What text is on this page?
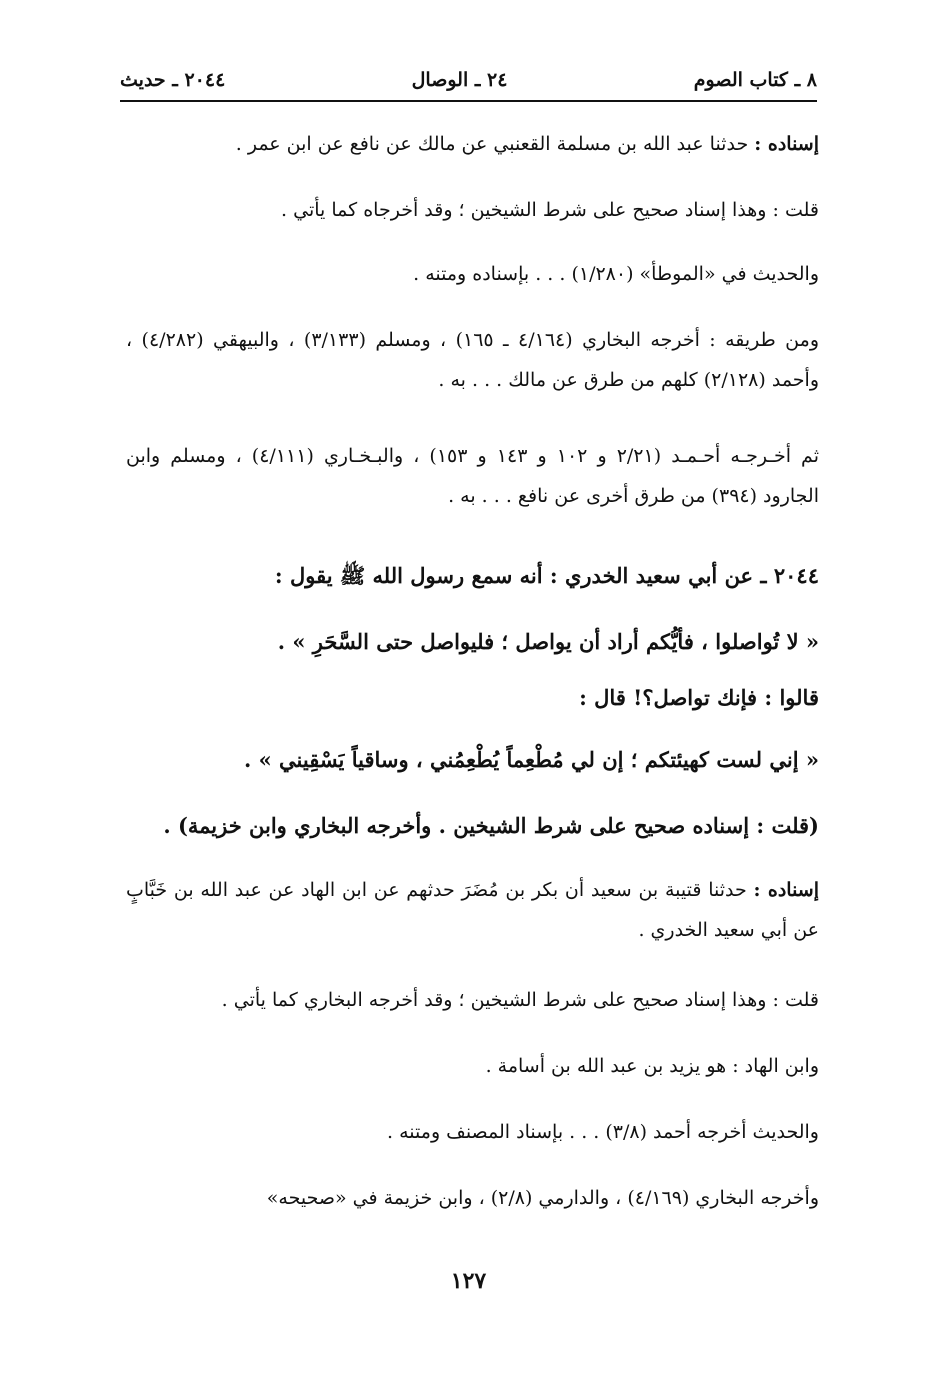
٨ ـ كتاب الصوم
٢٤ ـ الوصال
٢٠٤٤ ـ حديث

إسناده : حدثنا عبد الله بن مسلمة القعنبي عن مالك عن نافع عن ابن عمر .

قلت : وهذا إسناد صحيح على شرط الشيخين ؛ وقد أخرجاه كما يأتي .

والحديث في «الموطأ» (١/٢٨٠) . . . بإسناده ومتنه .

ومن طريقه : أخرجه البخاري (٤/١٦٤ ـ ١٦٥) ، ومسلم (٣/١٣٣) ، والبيهقي (٤/٢٨٢) ، وأحمد (٢/١٢٨) كلهم من طرق عن مالك . . . به .

ثم أخـرجـه أحـمـد (٢/٢١ و ١٠٢ و ١٤٣ و ١٥٣) ، والبـخـاري (٤/١١١) ، ومسلم وابن الجارود (٣٩٤) من طرق أخرى عن نافع . . . به .

٢٠٤٤ ـ عن أبي سعيد الخدري : أنه سمع رسول الله ﷺ يقول :

« لا تُواصلوا ، فأيُّكم أراد أن يواصل ؛ فليواصل حتى السَّحَرِ » .

قالوا : فإنك تواصل؟! قال :

« إني لست كهيئتكم ؛ إن لي مُطْعِماً يُطْعِمُني ، وساقياً يَسْقِيني » .

(قلت : إسناده صحيح على شرط الشيخين . وأخرجه البخاري وابن خزيمة) .

إسناده : حدثنا قتيبة بن سعيد أن بكر بن مُضَرَ حدثهم عن ابن الهاد عن عبد الله بن خَبَّابٍ عن أبي سعيد الخدري .

قلت : وهذا إسناد صحيح على شرط الشيخين ؛ وقد أخرجه البخاري كما يأتي .

وابن الهاد : هو يزيد بن عبد الله بن أسامة .

والحديث أخرجه أحمد (٣/٨) . . . بإسناد المصنف ومتنه .

وأخرجه البخاري (٤/١٦٩) ، والدارمي (٢/٨) ، وابن خزيمة في «صحيحه»

١٢٧
